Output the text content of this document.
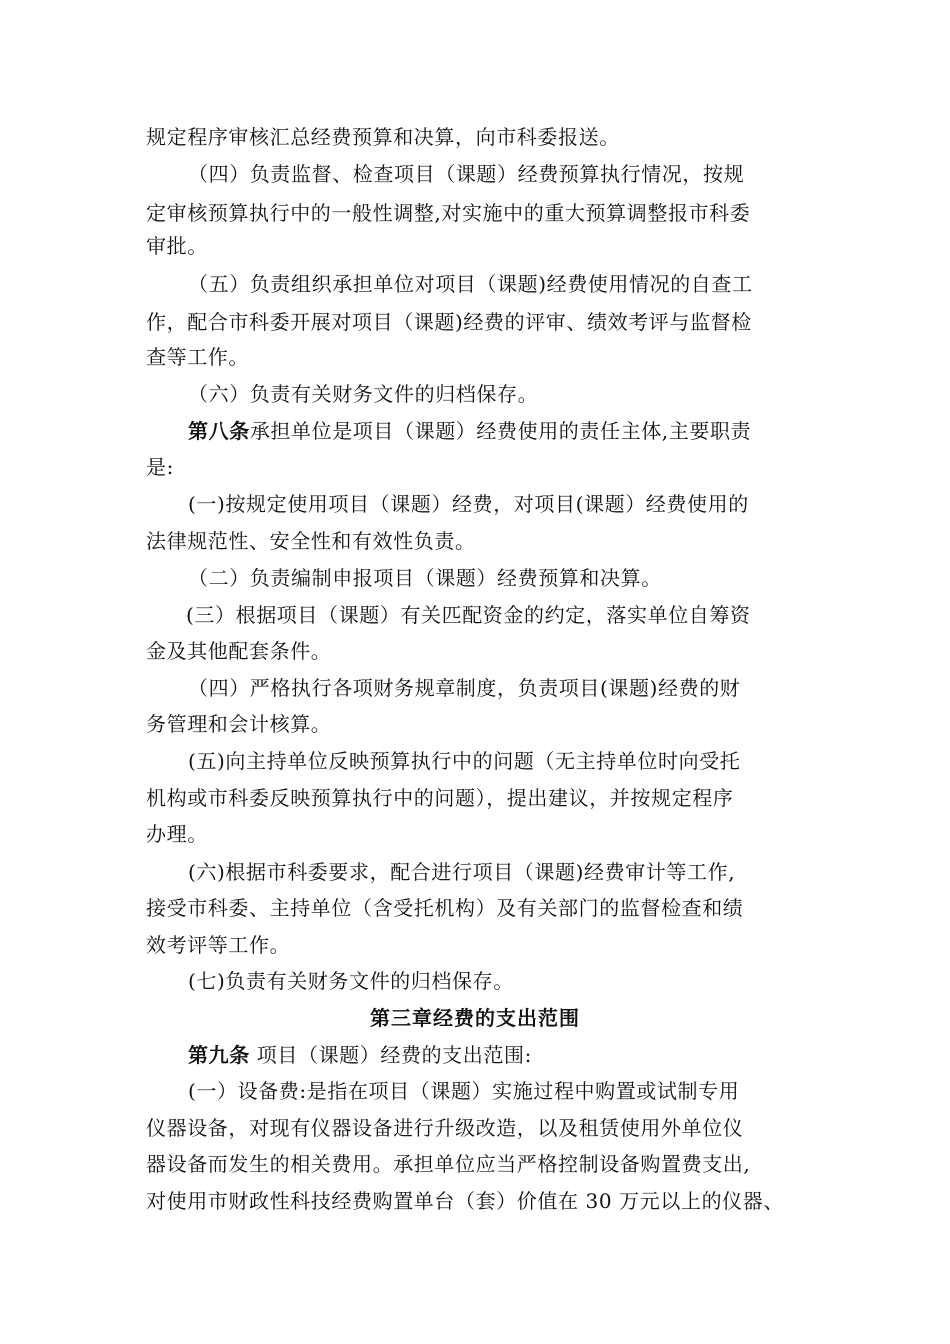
规定程序审核汇总经费预算和决算，向市科委报送。
（四）负责监督、检查项目（课题）经费预算执行情况，按规
定审核预算执行中的一般性调整,对实施中的重大预算调整报市科委
审批。
（五）负责组织承担单位对项目（课题)经费使用情况的自查工
作，配合市科委开展对项目（课题)经费的评审、绩效考评与监督检
查等工作。
（六）负责有关财务文件的归档保存。
第八条承担单位是项目（课题）经费使用的责任主体,主要职责
是:
(一)按规定使用项目（课题）经费，对项目(课题）经费使用的
法律规范性、安全性和有效性负责。
（二）负责编制申报项目（课题）经费预算和决算。
(三）根据项目（课题）有关匹配资金的约定，落实单位自筹资
金及其他配套条件。
（四）严格执行各项财务规章制度，负责项目(课题)经费的财
务管理和会计核算。
(五)向主持单位反映预算执行中的问题（无主持单位时向受托
机构或市科委反映预算执行中的问题），提出建议，并按规定程序
办理。
(六)根据市科委要求，配合进行项目（课题)经费审计等工作,
接受市科委、主持单位（含受托机构）及有关部门的监督检查和绩
效考评等工作。
(七)负责有关财务文件的归档保存。
第三章经费的支出范围
第九条 项目（课题）经费的支出范围:
(一）设备费:是指在项目（课题）实施过程中购置或试制专用
仪器设备，对现有仪器设备进行升级改造，以及租赁使用外单位仪
器设备而发生的相关费用。承担单位应当严格控制设备购置费支出,
对使用市财政性科技经费购置单台（套）价值在 30 万元以上的仪器、
